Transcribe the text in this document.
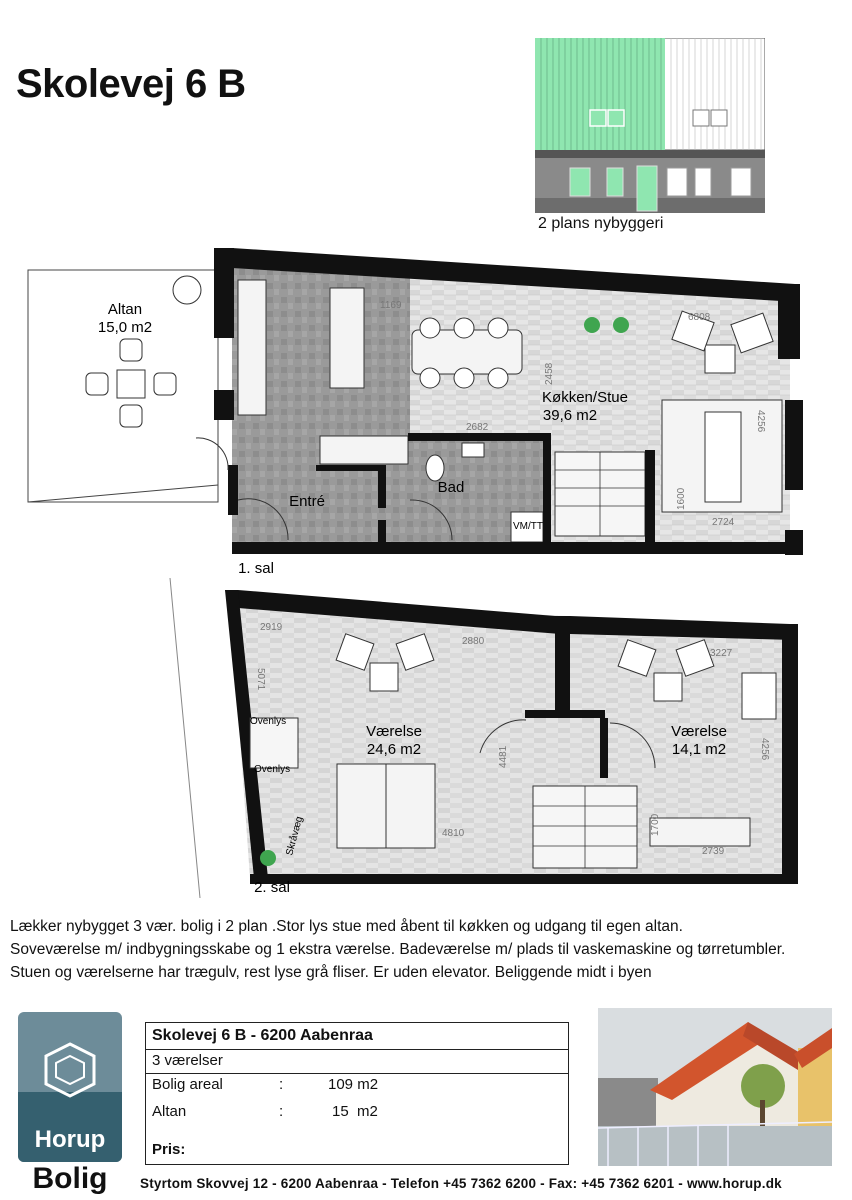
Skolevej 6 B
2 plans nybyggeri
Altan
15,0 m2
1169
6808
2458
4256
2682
1600
2724
Køkken/Stue
39,6 m2
Entré
Bad
VM/TT
1. sal
2919
2880
3227
5071
4481	4256
4810	1700
2739
Værelse
24,6 m2
Værelse
14,1 m2
Ovenlys
Ovenlys
Skråvæg
2. sal

Lækker nybygget 3 vær. bolig i 2 plan .Stor lys stue med åbent til køkken og udgang til egen altan.

Soveværelse m/ indbygningsskabe og 1 ekstra værelse. Badeværelse m/ plads til vaskemaskine og tørretumbler.

Stuen og værelserne har trægulv, rest lyse grå fliser. Er uden elevator. Beliggende midt i byen

Horup
Bolig
Skolevej 6 B - 6200 Aabenraa
3 værelser
Bolig areal	:	109 m2
Altan	:	15  m2
Pris:
Styrtom Skovvej 12 - 6200 Aabenraa - Telefon +45 7362 6200 - Fax: +45 7362 6201 - www.horup.dk
